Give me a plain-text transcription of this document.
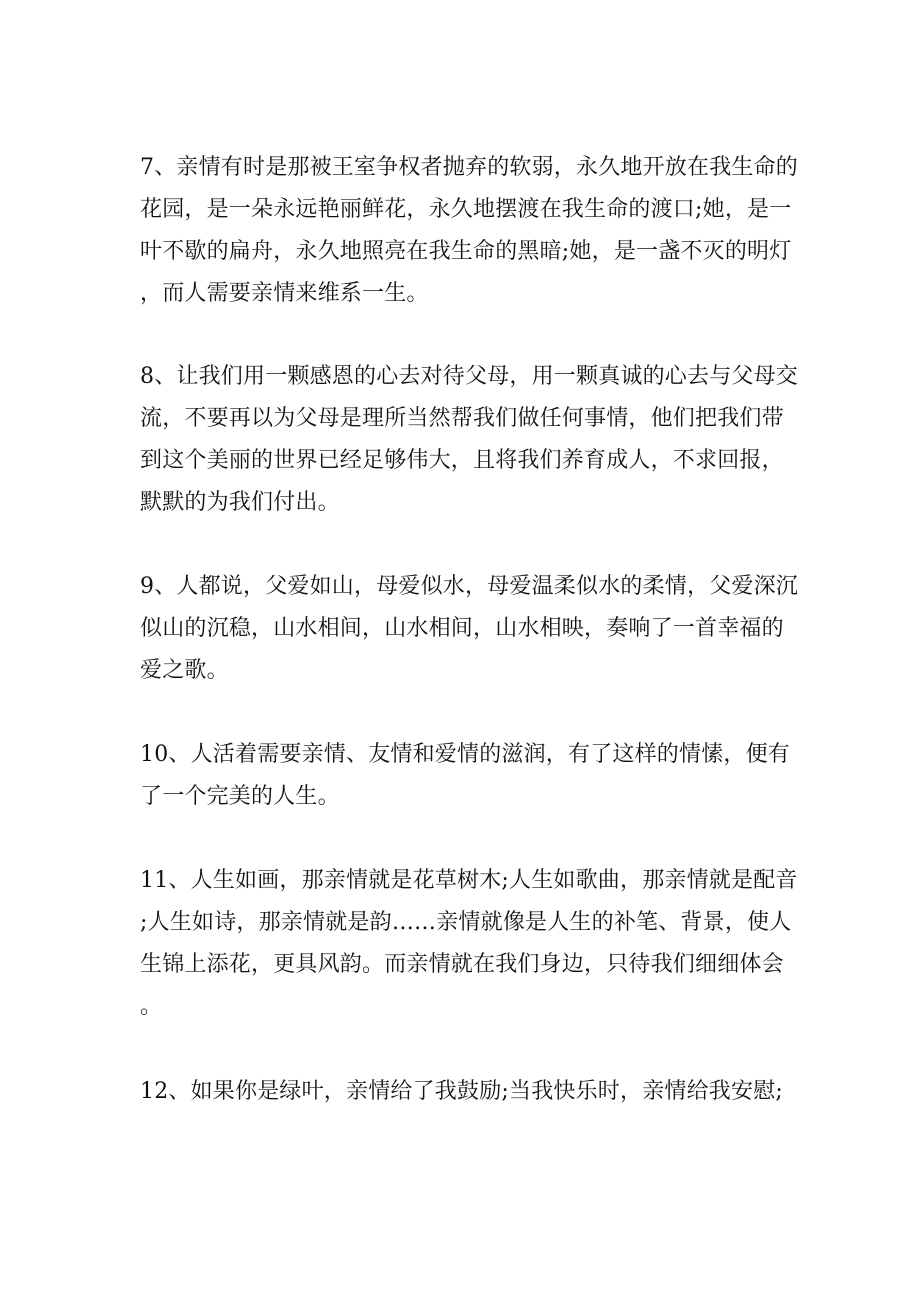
7、亲情有时是那被王室争权者抛弃的软弱，永久地开放在我生命的
花园，是一朵永远艳丽鲜花，永久地摆渡在我生命的渡口;她，是一
叶不歇的扁舟，永久地照亮在我生命的黑暗;她，是一盏不灭的明灯
，而人需要亲情来维系一生。
8、让我们用一颗感恩的心去对待父母，用一颗真诚的心去与父母交
流，不要再以为父母是理所当然帮我们做任何事情，他们把我们带
到这个美丽的世界已经足够伟大，且将我们养育成人，不求回报，
默默的为我们付出。
9、人都说，父爱如山，母爱似水，母爱温柔似水的柔情，父爱深沉
似山的沉稳，山水相间，山水相间，山水相映，奏响了一首幸福的
爱之歌。
10、人活着需要亲情、友情和爱情的滋润，有了这样的情愫，便有
了一个完美的人生。
11、人生如画，那亲情就是花草树木;人生如歌曲，那亲情就是配音
;人生如诗，那亲情就是韵……亲情就像是人生的补笔、背景，使人
生锦上添花，更具风韵。而亲情就在我们身边，只待我们细细体会
。
12、如果你是绿叶，亲情给了我鼓励;当我快乐时，亲情给我安慰;
